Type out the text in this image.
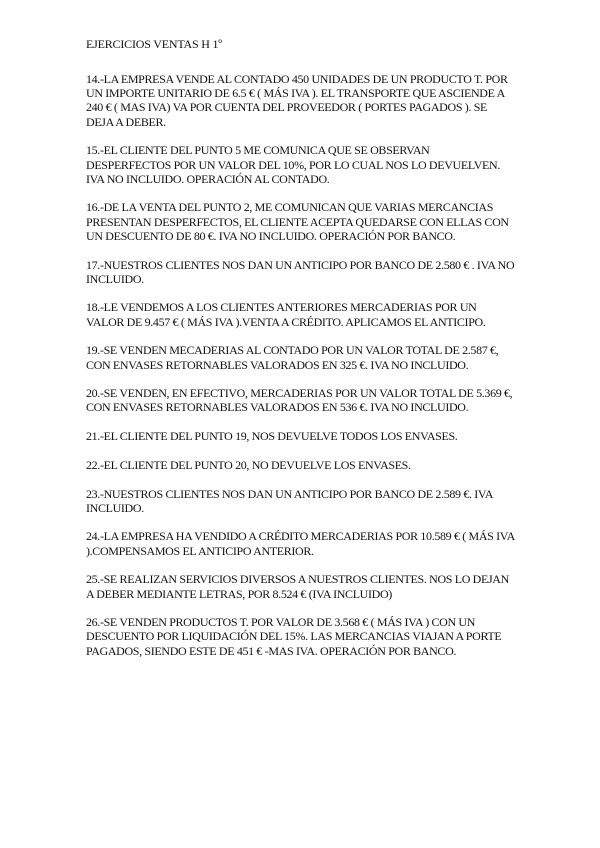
EJERCICIOS VENTAS H 1º

14.-LA EMPRESA VENDE AL CONTADO 450 UNIDADES DE UN PRODUCTO T. POR UN IMPORTE UNITARIO DE 6.5 € ( MÁS IVA ). EL TRANSPORTE QUE ASCIENDE A 240 € ( MAS IVA) VA POR CUENTA DEL PROVEEDOR ( PORTES PAGADOS ). SE DEJA A DEBER.

15.-EL CLIENTE DEL PUNTO 5 ME COMUNICA QUE SE OBSERVAN DESPERFECTOS POR UN VALOR DEL 10%, POR LO CUAL NOS LO DEVUELVEN. IVA NO INCLUIDO. OPERACIÓN AL CONTADO.

16.-DE LA VENTA DEL PUNTO 2, ME COMUNICAN QUE VARIAS MERCANCIAS PRESENTAN DESPERFECTOS, EL CLIENTE ACEPTA QUEDARSE CON ELLAS CON UN DESCUENTO DE 80 €. IVA NO INCLUIDO. OPERACIÓN POR BANCO.

17.-NUESTROS CLIENTES NOS DAN UN ANTICIPO POR BANCO DE 2.580 € . IVA NO INCLUIDO.

18.-LE VENDEMOS A LOS CLIENTES ANTERIORES MERCADERIAS POR UN VALOR DE 9.457 € ( MÁS IVA ).VENTA A CRÉDITO. APLICAMOS EL ANTICIPO.

19.-SE VENDEN MECADERIAS AL CONTADO POR UN VALOR TOTAL DE 2.587 €, CON ENVASES RETORNABLES VALORADOS EN 325 €. IVA NO INCLUIDO.

20.-SE VENDEN, EN EFECTIVO, MERCADERIAS POR UN VALOR TOTAL DE 5.369 €, CON ENVASES RETORNABLES VALORADOS EN 536 €. IVA NO INCLUIDO.

21.-EL CLIENTE DEL PUNTO 19, NOS DEVUELVE TODOS LOS ENVASES.

22.-EL CLIENTE DEL PUNTO 20, NO DEVUELVE LOS ENVASES.

23.-NUESTROS CLIENTES NOS DAN UN ANTICIPO POR BANCO DE 2.589 €. IVA INCLUIDO.

24.-LA EMPRESA HA VENDIDO A CRÉDITO MERCADERIAS POR 10.589 € ( MÁS IVA ).COMPENSAMOS EL ANTICIPO ANTERIOR.

25.-SE REALIZAN SERVICIOS DIVERSOS A NUESTROS CLIENTES. NOS LO DEJAN A DEBER MEDIANTE LETRAS, POR 8.524 € (IVA INCLUIDO)

26.-SE VENDEN PRODUCTOS T. POR VALOR DE 3.568 € ( MÁS IVA ) CON UN DESCUENTO POR LIQUIDACIÓN DEL 15%. LAS MERCANCIAS VIAJAN A PORTE PAGADOS, SIENDO ESTE DE 451 € -MAS IVA. OPERACIÓN POR BANCO.
